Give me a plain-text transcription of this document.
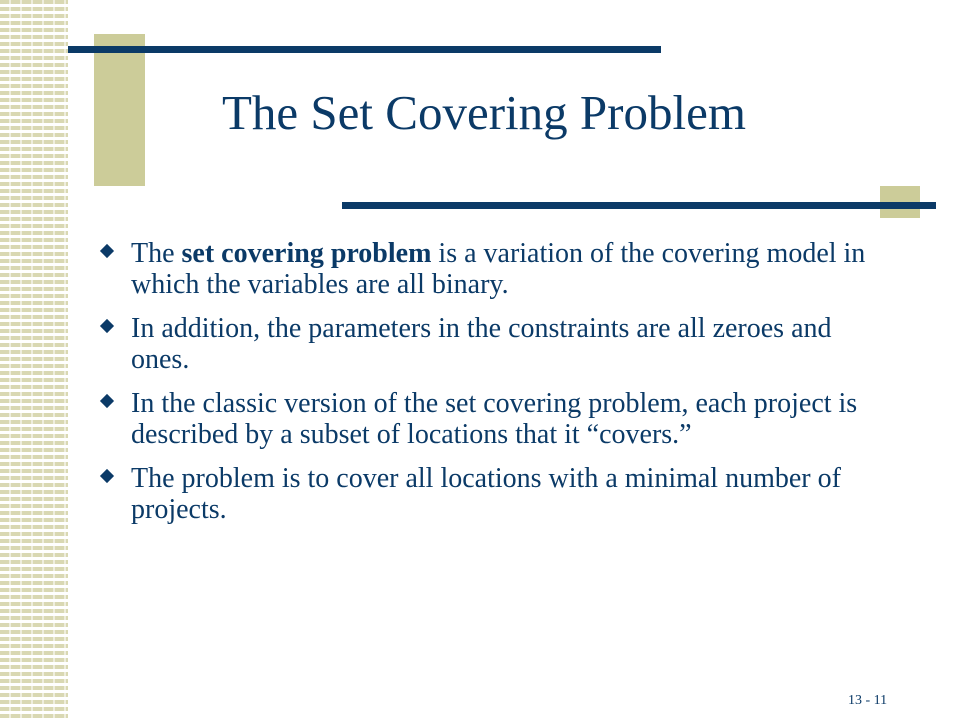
The Set Covering Problem
The set covering problem is a variation of the covering model in which the variables are all binary.
In addition, the parameters in the constraints are all zeroes and ones.
In the classic version of the set covering problem, each project is described by a subset of locations that it “covers.”
The problem is to cover all locations with a minimal number of projects.
13 - 11
